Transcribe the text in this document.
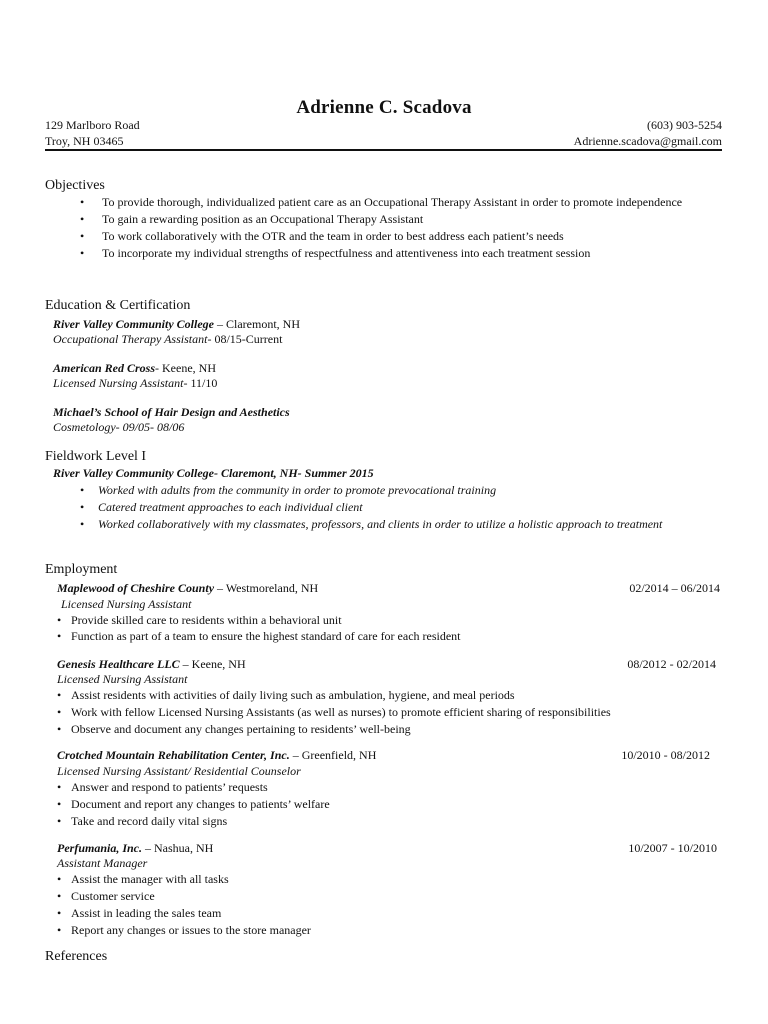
Adrienne C. Scadova
129 Marlboro Road
Troy, NH 03465
(603) 903-5254
Adrienne.scadova@gmail.com
Objectives
•	To provide thorough, individualized patient care as an Occupational Therapy Assistant in order to promote independence
•	To gain a rewarding position as an Occupational Therapy Assistant
•	To work collaboratively with the OTR and the team in order to best address each patient’s needs
•	To incorporate my individual strengths of respectfulness and attentiveness into each treatment session
Education & Certification
River Valley Community College – Claremont, NH
Occupational Therapy Assistant- 08/15-Current
American Red Cross- Keene, NH
Licensed Nursing Assistant- 11/10
Michael’s School of Hair Design and Aesthetics
Cosmetology- 09/05- 08/06
Fieldwork Level I
River Valley Community College- Claremont, NH- Summer 2015
•	Worked with adults from the community in order to promote prevocational training
•	Catered treatment approaches to each individual client
•	Worked collaboratively with my classmates, professors, and clients in order to utilize a holistic approach to treatment
Employment
Maplewood of Cheshire County – Westmoreland, NH	02/2014 – 06/2014
Licensed Nursing Assistant
• Provide skilled care to residents within a behavioral unit
• Function as part of a team to ensure the highest standard of care for each resident
Genesis Healthcare LLC – Keene, NH	08/2012 - 02/2014
Licensed Nursing Assistant
• Assist residents with activities of daily living such as ambulation, hygiene, and meal periods
• Work with fellow Licensed Nursing Assistants (as well as nurses) to promote efficient sharing of responsibilities
• Observe and document any changes pertaining to residents’ well-being
Crotched Mountain Rehabilitation Center, Inc. – Greenfield, NH	10/2010 - 08/2012
Licensed Nursing Assistant/ Residential Counselor
• Answer and respond to patients’ requests
• Document and report any changes to patients’ welfare
• Take and record daily vital signs
Perfumania, Inc. – Nashua, NH	10/2007 - 10/2010
Assistant Manager
• Assist the manager with all tasks
• Customer service
• Assist in leading the sales team
• Report any changes or issues to the store manager
References
